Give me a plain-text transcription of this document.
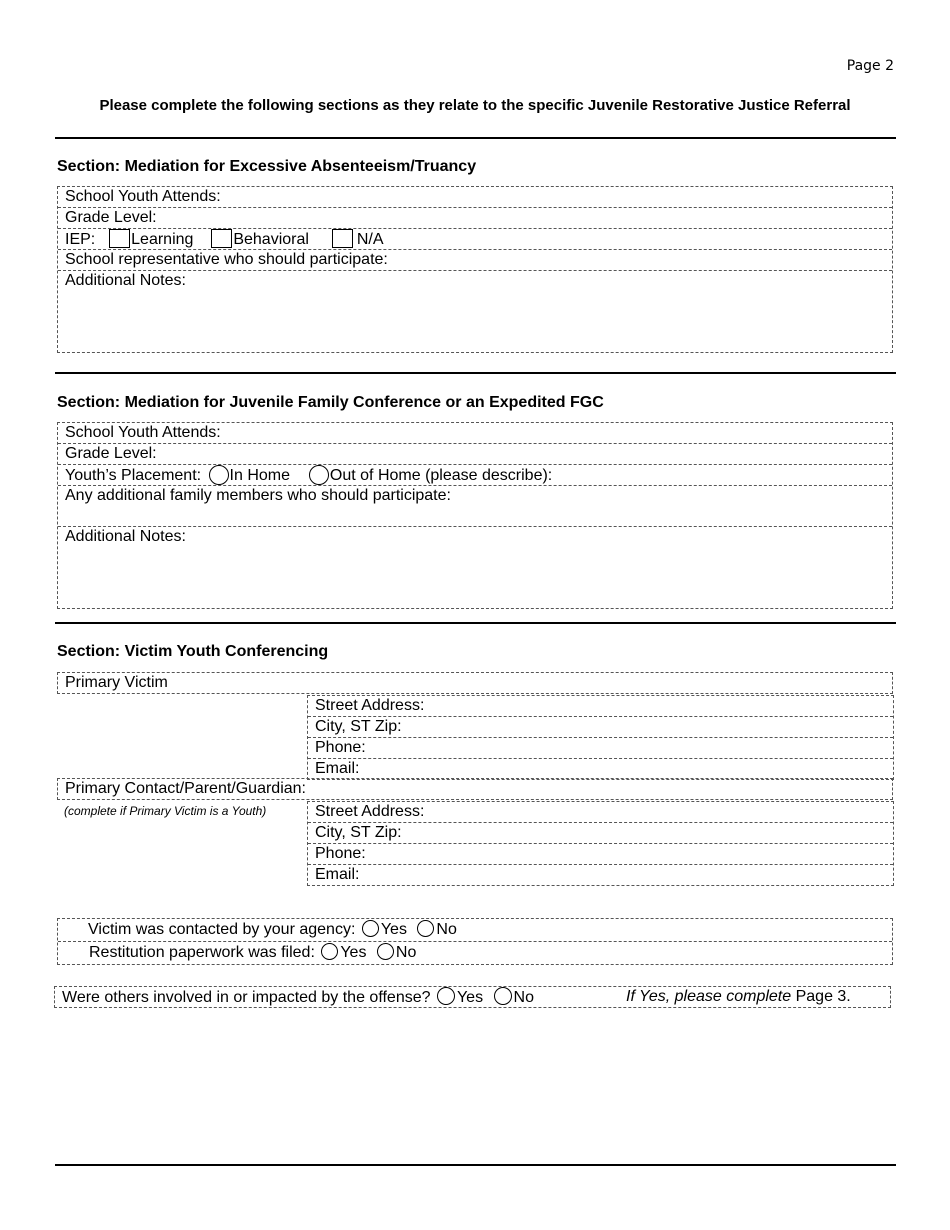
Page 2
Please complete the following sections as they relate to the specific Juvenile Restorative Justice Referral
Section: Mediation for Excessive Absenteeism/Truancy
School Youth Attends:
Grade Level:
IEP: Learning Behavioral	N/A
School representative who should participate:
Additional Notes:
Section: Mediation for Juvenile Family Conference or an Expedited FGC
School Youth Attends:
Grade Level:
Youth’s Placement: In Home Out of Home (please describe):
Any additional family members who should participate:
Additional Notes:
Section: Victim Youth Conferencing
Primary Victim
Street Address:
City, ST Zip:
Phone:
Email:
Primary Contact/Parent/Guardian:
(complete if Primary Victim is a Youth)	Street Address:
City, ST Zip:
Phone:
Email:
Victim was contacted by your agency: Yes No
Restitution paperwork was filed: Yes No
Were others involved in or impacted by the offense? Yes No	If Yes, please complete Page 3.
